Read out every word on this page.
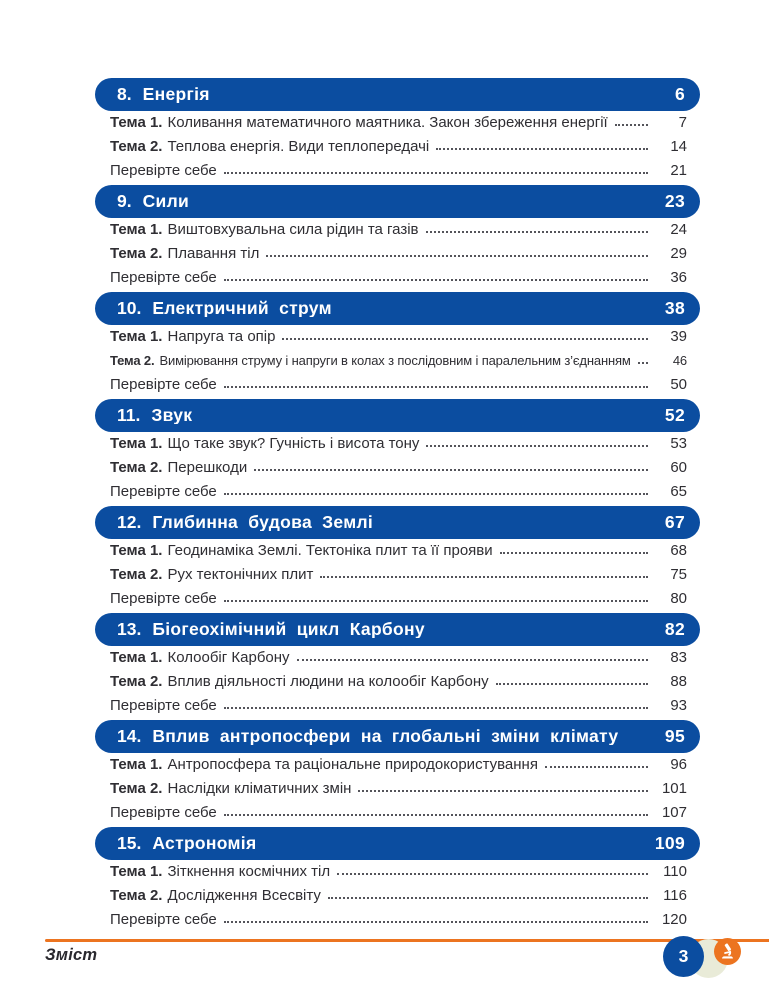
8. Енергія	6
Тема 1. Коливання математичного маятника. Закон збереження енергії	7
Тема 2. Теплова енергія. Види теплопередачі	14
Перевірте себе	21
9. Сили	23
Тема 1. Виштовхувальна сила рідин та газів	24
Тема 2. Плавання тіл	29
Перевірте себе	36
10. Електричний струм	38
Тема 1. Напруга та опір	39
Тема 2. Вимірювання струму і напруги в колах з послідовним і паралельним з’єднанням	46
Перевірте себе	50
11. Звук	52
Тема 1. Що таке звук? Гучність і висота тону	53
Тема 2. Перешкоди	60
Перевірте себе	65
12. Глибинна будова Землі	67
Тема 1. Геодинаміка Землі. Тектоніка плит та її прояви	68
Тема 2. Рух тектонічних плит	75
Перевірте себе	80
13. Біогеохімічний цикл Карбону	82
Тема 1. Колообіг Карбону	83
Тема 2. Вплив діяльності людини на колообіг Карбону	88
Перевірте себе	93
14. Вплив антропосфери на глобальні зміни клімату	95
Тема 1. Антропосфера та раціональне природокористування	96
Тема 2. Наслідки кліматичних змін	101
Перевірте себе	107
15. Астрономія	109
Тема 1. Зіткнення космічних тіл	110
Тема 2. Дослідження Всесвіту	116
Перевірте себе	120
Зміст	3
